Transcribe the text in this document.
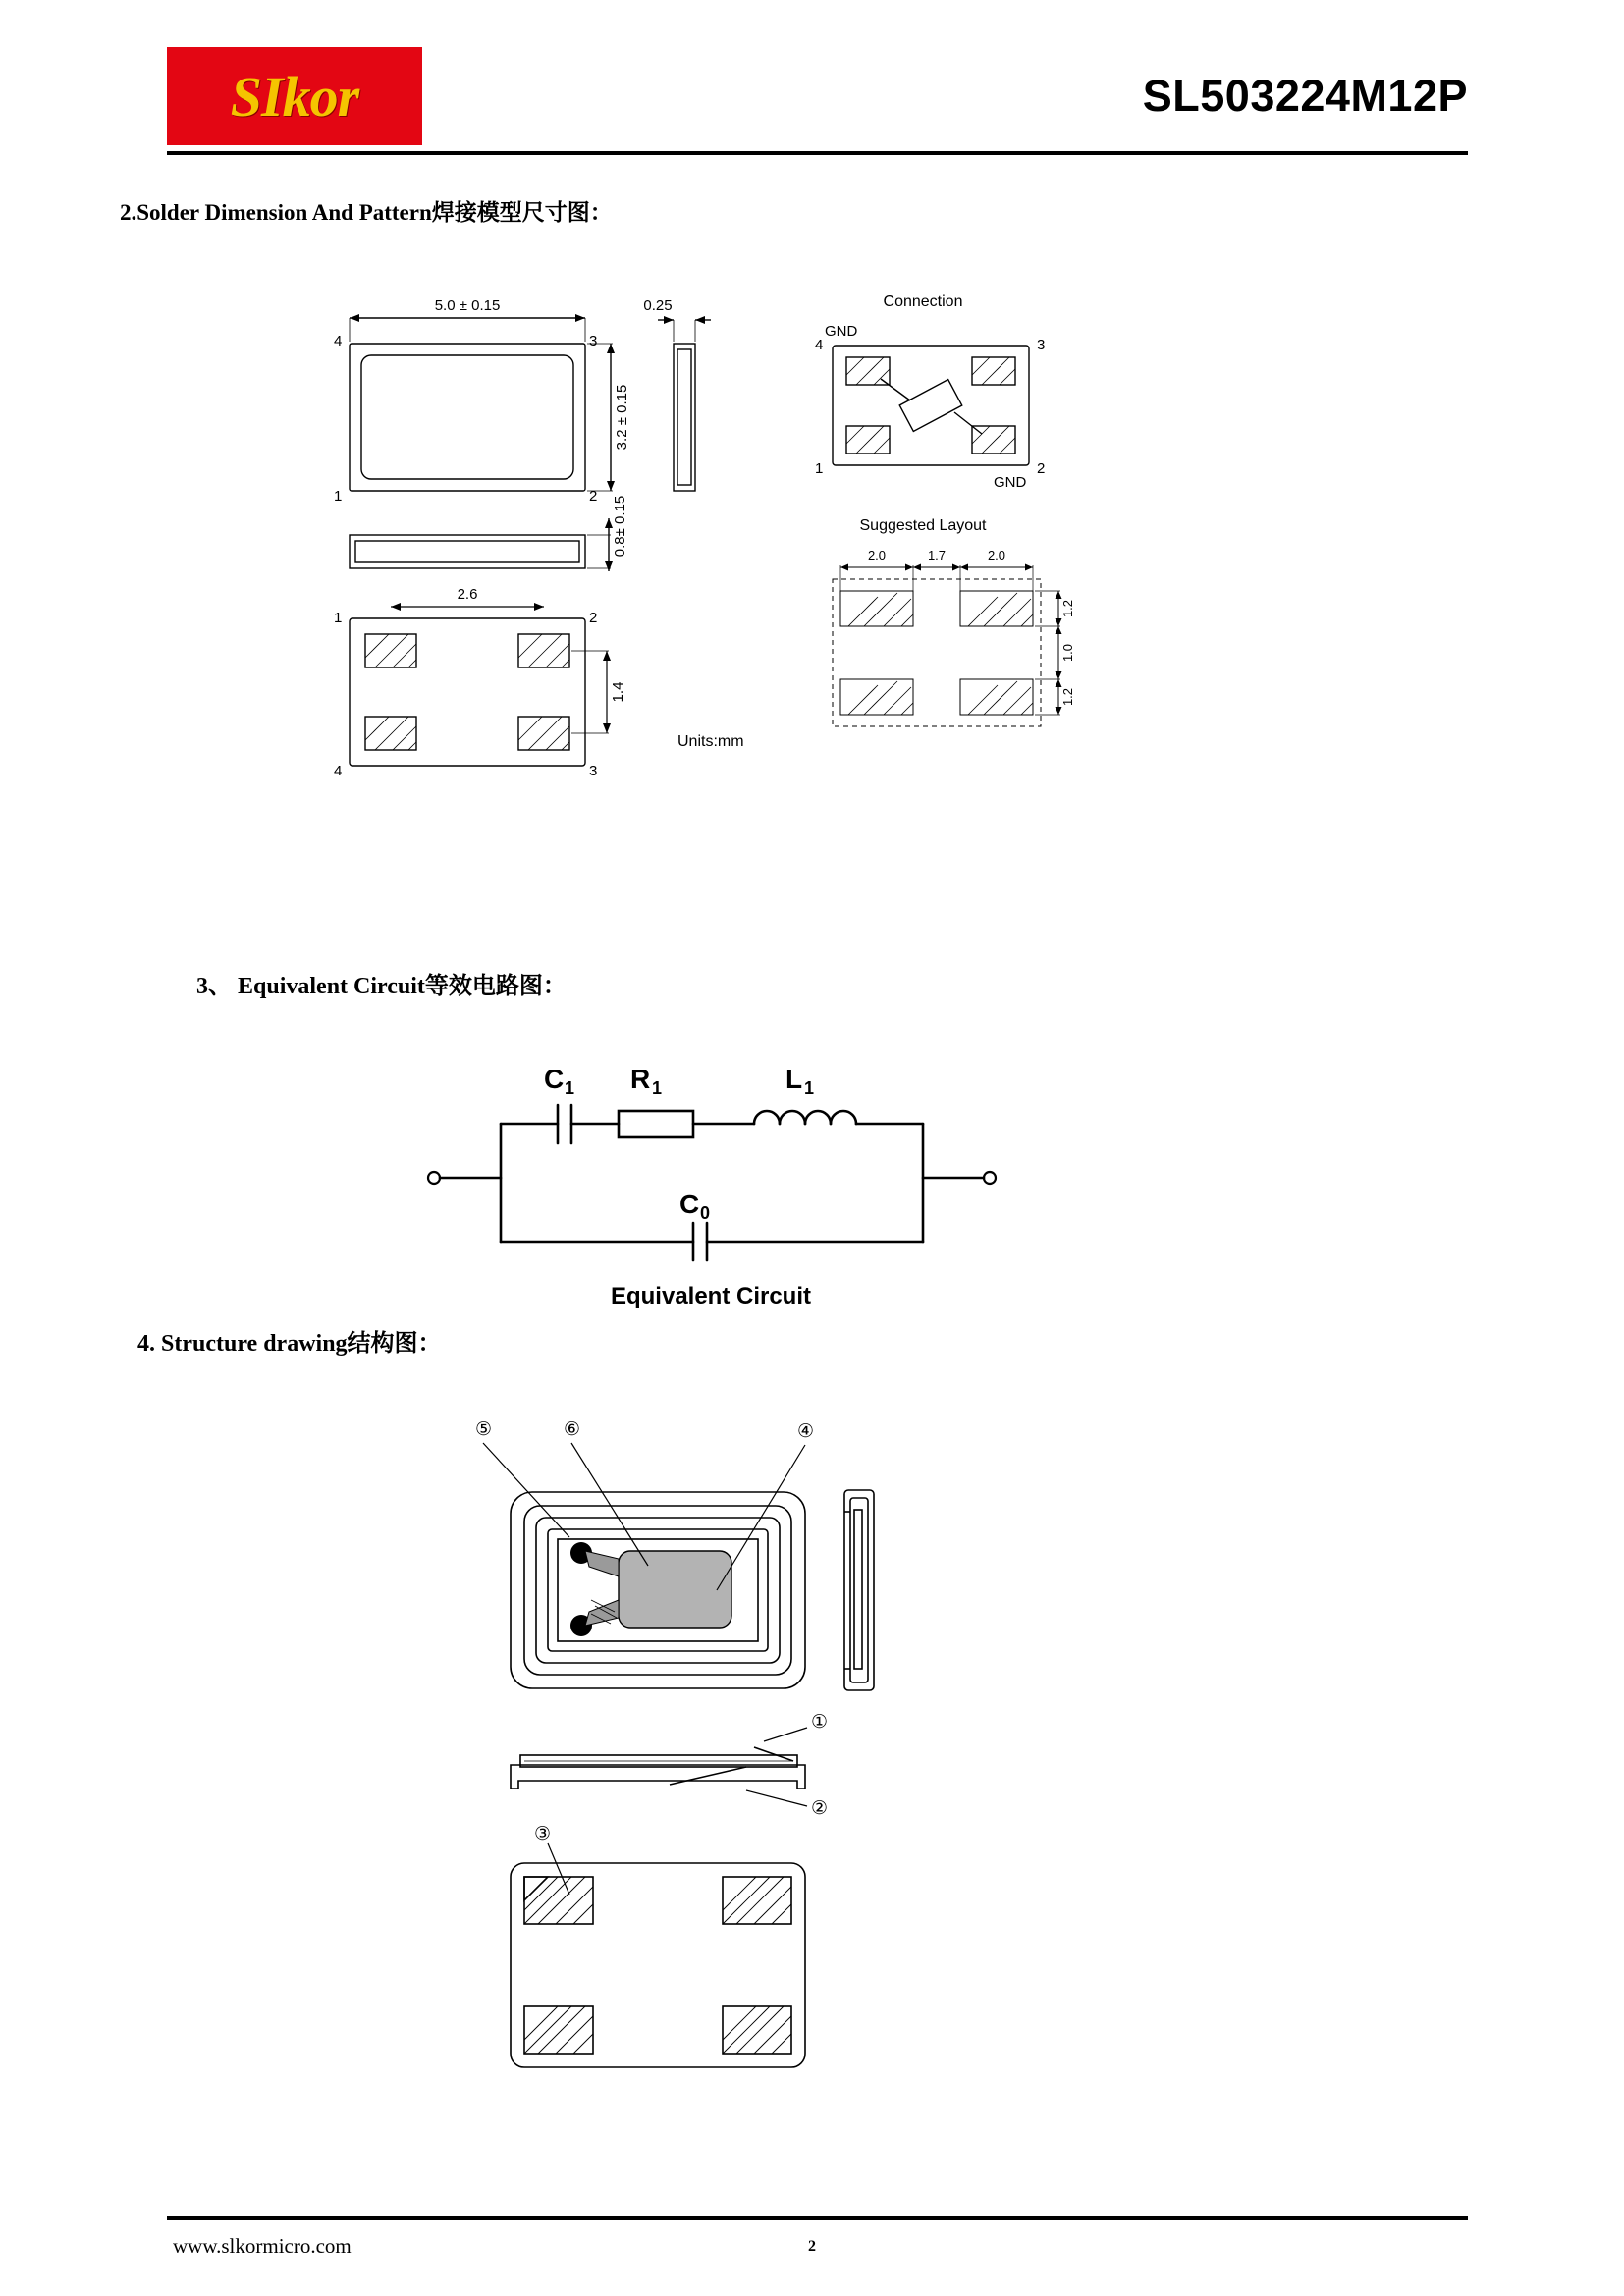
SIkor	SL503224M12P
2.Solder Dimension And Pattern焊接模型尺寸图：
5.0 ± 0.15
3.2 ± 0.15
4	3
1	2
0.25
0.8± 0.15
2.6
1.4
1	2
4	3
Units:mm
Connection
GND
4	3
1	2
GND
Suggested Layout
2.0	1.7	2.0
1.2
1.0
1.2
3、 Equivalent Circuit等效电路图：
C 1 R 1	L 1
C 0
Equivalent Circuit
4. Structure drawing结构图：
⑤	⑥	④
①
②
③
www.slkormicro.com	2
